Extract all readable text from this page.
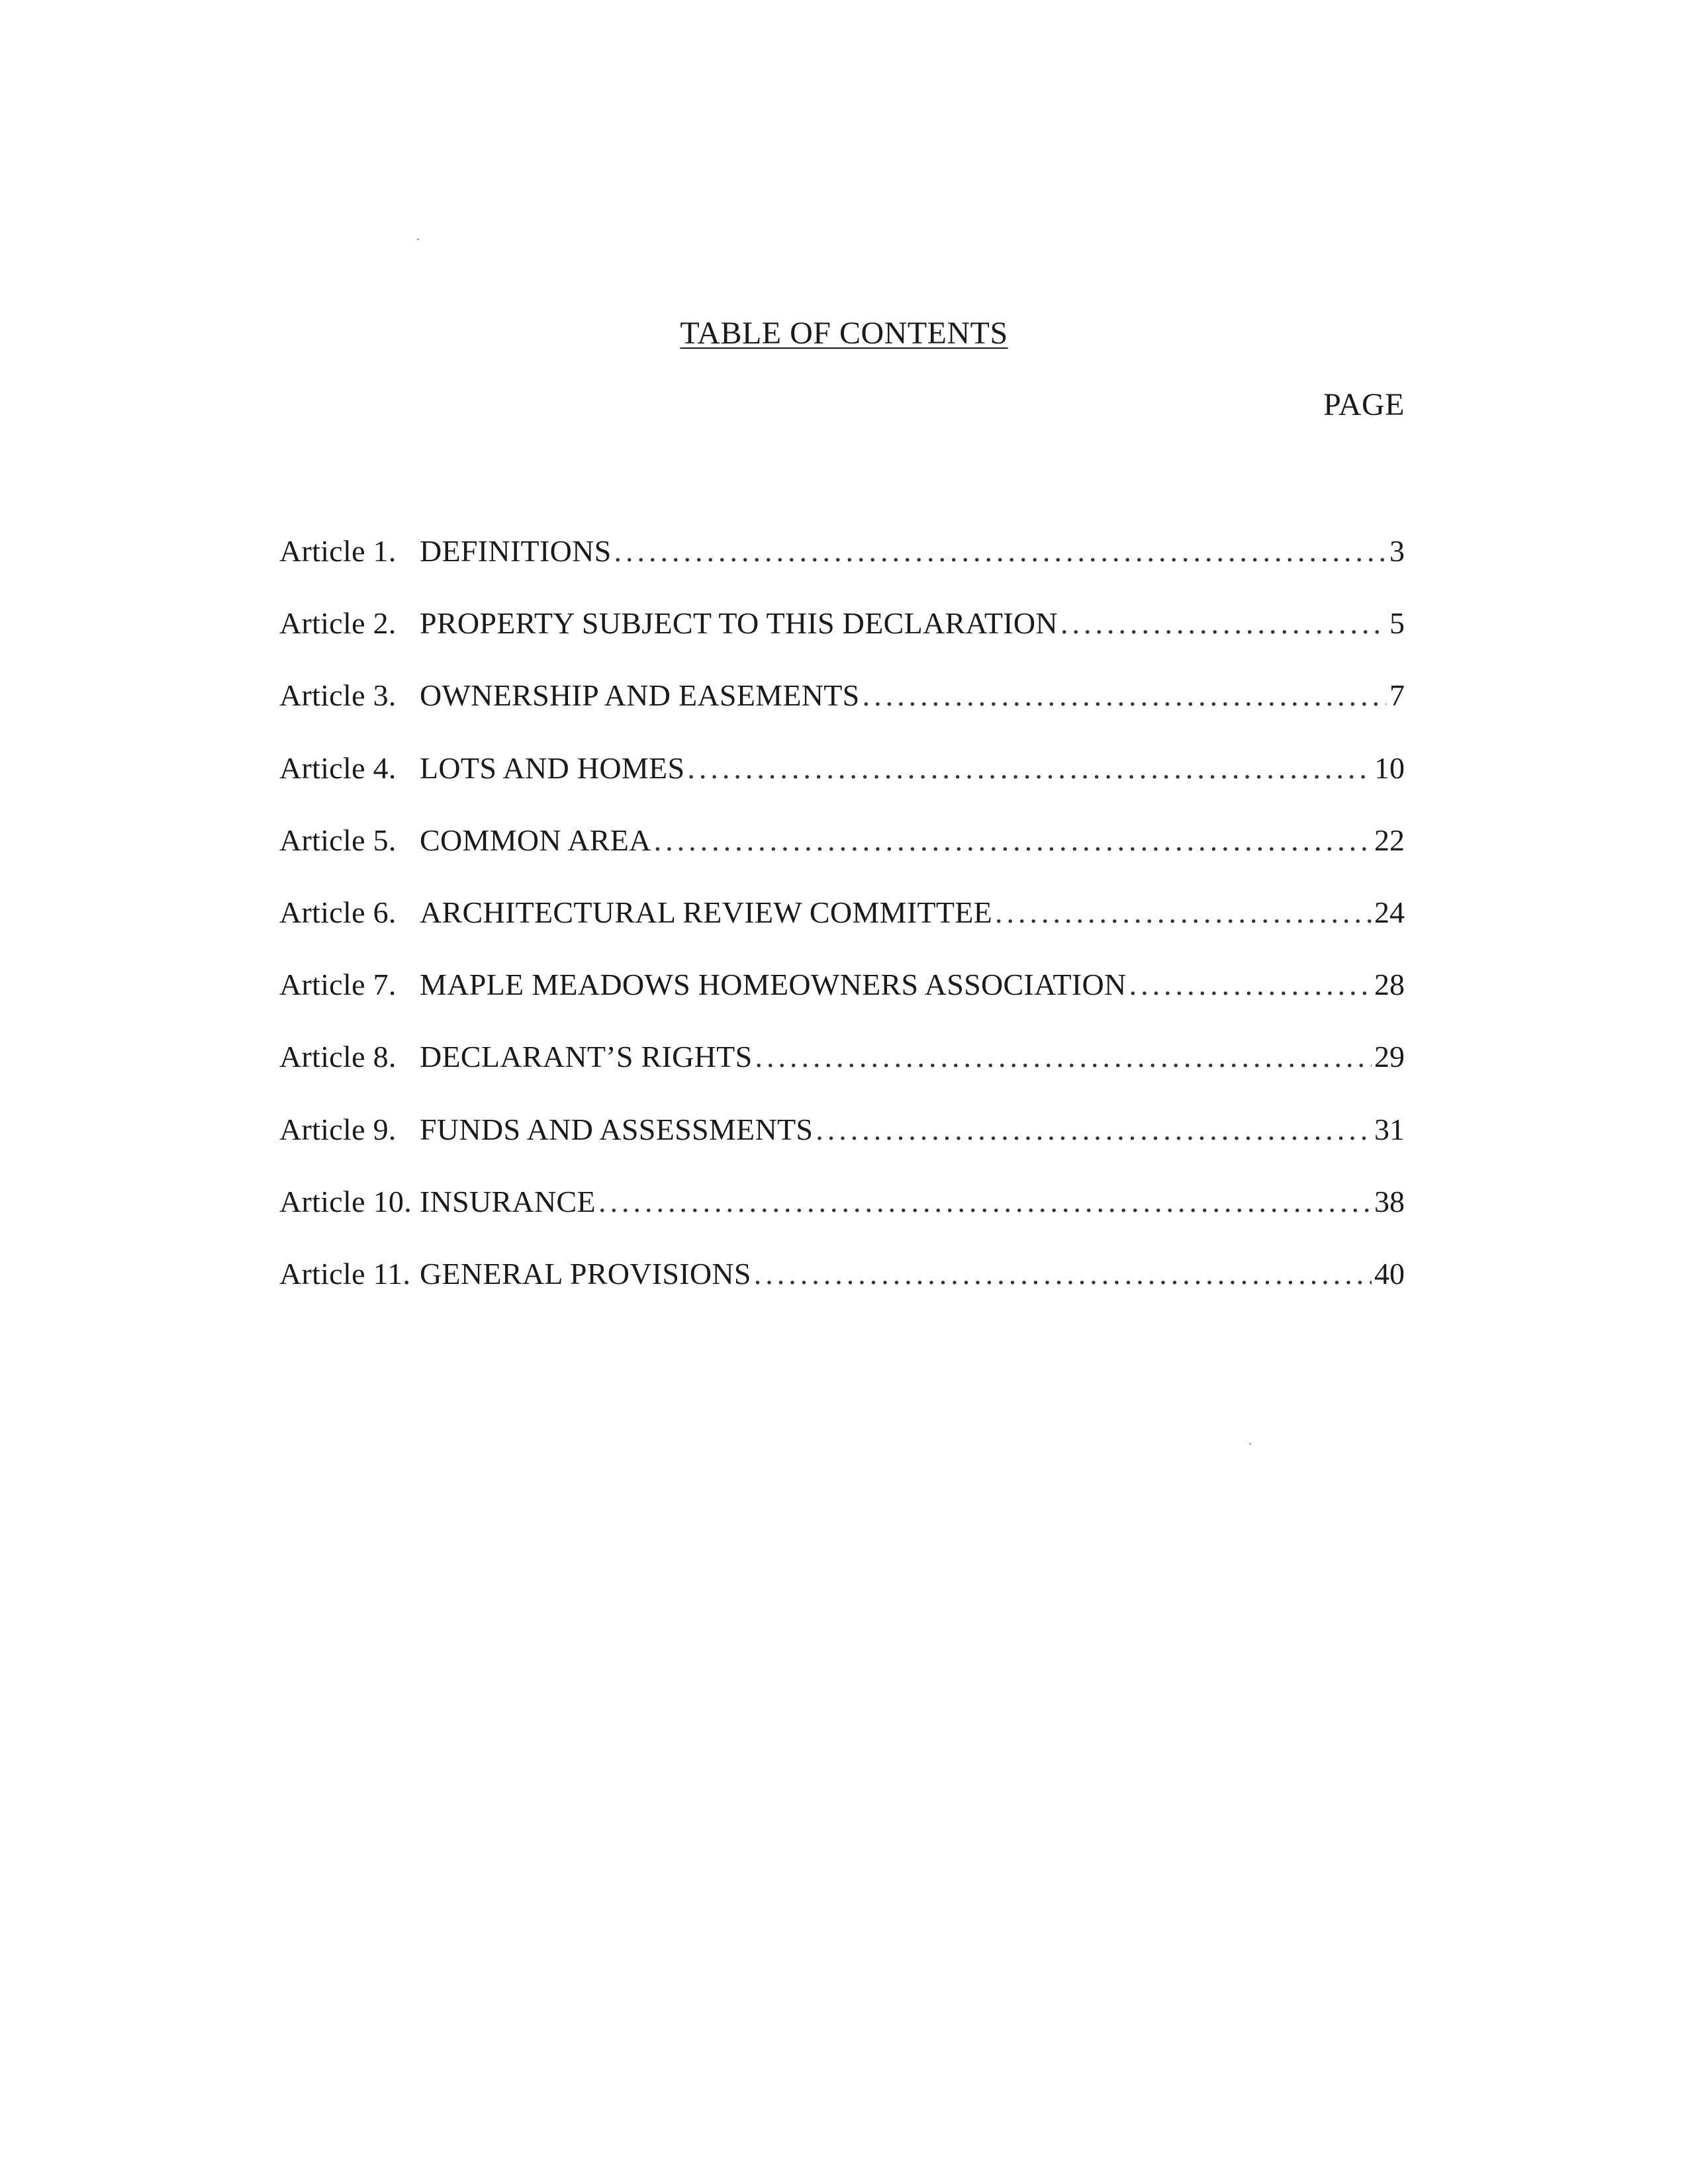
TABLE OF CONTENTS
PAGE
Article 1. DEFINITIONS .....	3
Article 2. PROPERTY SUBJECT TO THIS DECLARATION .....	5
Article 3. OWNERSHIP AND EASEMENTS .....	7
Article 4. LOTS AND HOMES .....	10
Article 5. COMMON AREA .....	22
Article 6. ARCHITECTURAL REVIEW COMMITTEE .....	24
Article 7. MAPLE MEADOWS HOMEOWNERS ASSOCIATION .....	28
Article 8. DECLARANT’S RIGHTS .....	29
Article 9. FUNDS AND ASSESSMENTS .....	31
Article 10. INSURANCE .....	38
Article 11. GENERAL PROVISIONS .....	40
